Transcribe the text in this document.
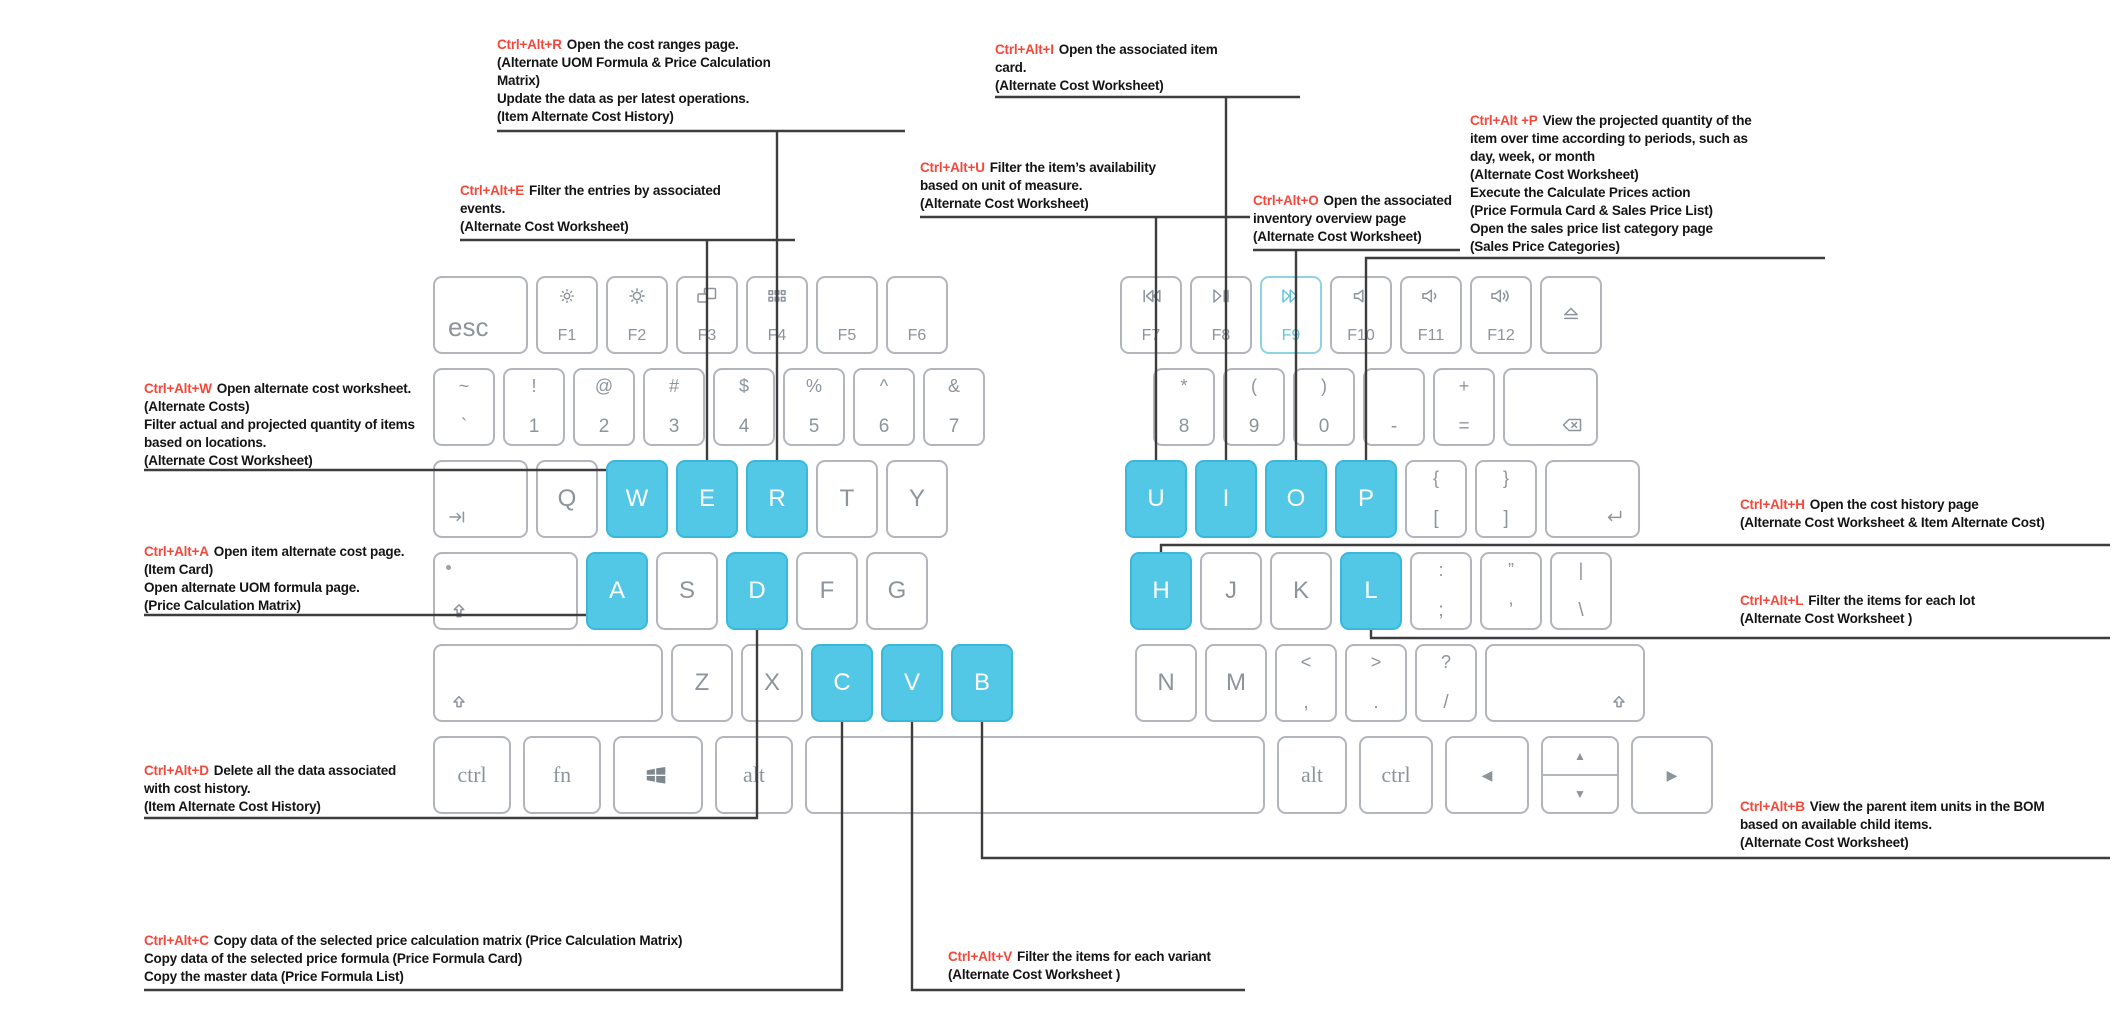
esc	F1	F2	F3	F4	F5	F6	F7	F8	F9	F10	F11	F12
~
`
!
1
@
2
#
3
$
4
%
5
^
6
&
7
*
8
(
9
)
0	-
+
=
Q	W	E	R	T	Y	U	I	O	P
{
[
}
]
A	S	D	F	G	H	J	K	L
:
;
”
’
|
\
Z	X	C	V	B	N	M
<
,
>
.
?
/
ctrl	fn	alt	alt	ctrl	◀
▲
▼
▶
Ctrl+Alt+R Open the cost ranges page.
(Alternate UOM Formula & Price Calculation
Matrix)
Update the data as per latest operations.
(Item Alternate Cost History)
Ctrl+Alt+E Filter the entries by associated
events.
(Alternate Cost Worksheet)
Ctrl+Alt+U Filter the item’s availability
based on unit of measure.
(Alternate Cost Worksheet)
Ctrl+Alt+I Open the associated item
card.
(Alternate Cost Worksheet)
Ctrl+Alt+O Open the associated
inventory overview page
(Alternate Cost Worksheet)
Ctrl+Alt +P View the projected quantity of the
item over time according to periods, such as
day, week, or month
(Alternate Cost Worksheet)
Execute the Calculate Prices action
(Price Formula Card & Sales Price List)
Open the sales price list category page
(Sales Price Categories)
Ctrl+Alt+W Open alternate cost worksheet.
(Alternate Costs)
Filter actual and projected quantity of items
based on locations.
(Alternate Cost Worksheet)
Ctrl+Alt+A Open item alternate cost page.
(Item Card)
Open alternate UOM formula page.
(Price Calculation Matrix)
Ctrl+Alt+D Delete all the data associated
with cost history.
(Item Alternate Cost History)
Ctrl+Alt+H Open the cost history page
(Alternate Cost Worksheet & Item Alternate Cost)
Ctrl+Alt+L Filter the items for each lot
(Alternate Cost Worksheet )
Ctrl+Alt+B View the parent item units in the BOM
based on available child items.
(Alternate Cost Worksheet)
Ctrl+Alt+C Copy data of the selected price calculation matrix (Price Calculation Matrix)
Copy data of the selected price formula (Price Formula Card)
Copy the master data (Price Formula List)
Ctrl+Alt+V Filter the items for each variant
(Alternate Cost Worksheet )
